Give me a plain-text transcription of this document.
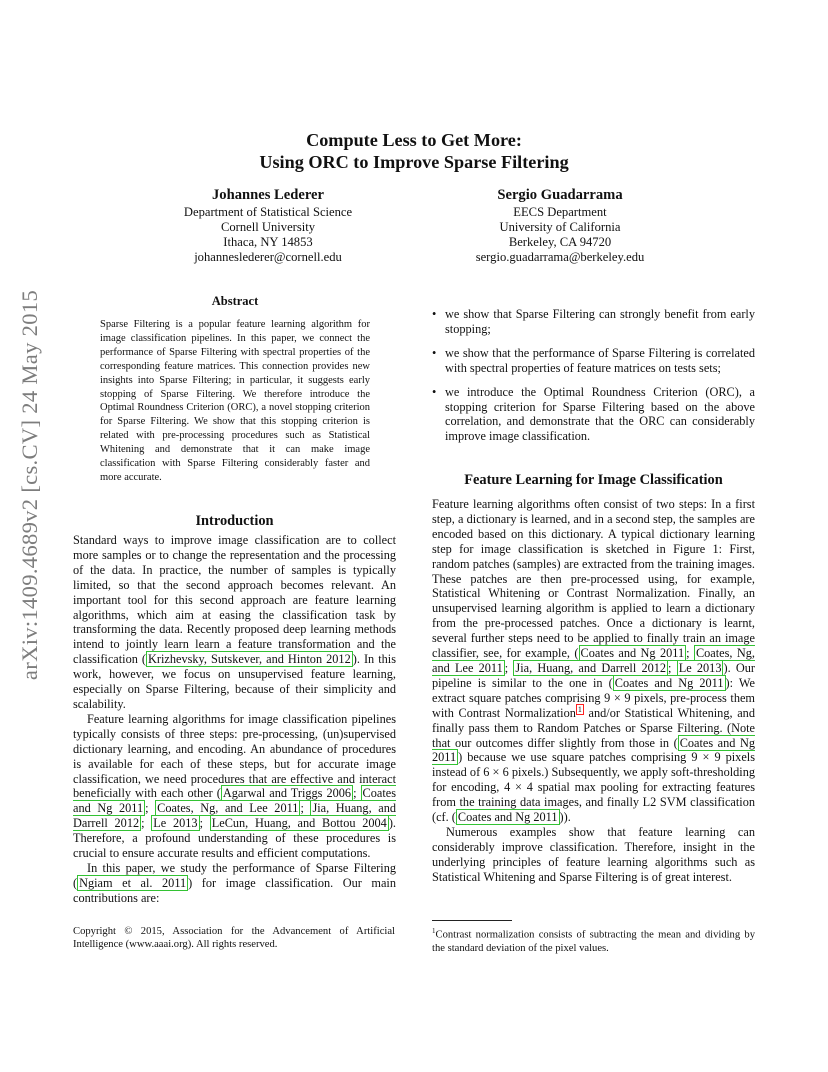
arXiv:1409.4689v2 [cs.CV] 24 May 2015
Compute Less to Get More:
Using ORC to Improve Sparse Filtering
Johannes Lederer
Department of Statistical Science
Cornell University
Ithaca, NY 14853
johanneslederer@cornell.edu
Sergio Guadarrama
EECS Department
University of California
Berkeley, CA 94720
sergio.guadarrama@berkeley.edu
Abstract
Sparse Filtering is a popular feature learning algorithm for image classification pipelines. In this paper, we connect the performance of Sparse Filtering with spectral properties of the corresponding feature matrices. This connection provides new insights into Sparse Filtering; in particular, it suggests early stopping of Sparse Filtering. We therefore introduce the Optimal Roundness Criterion (ORC), a novel stopping criterion for Sparse Filtering. We show that this stopping criterion is related with pre-processing procedures such as Statistical Whitening and demonstrate that it can make image classification with Sparse Filtering considerably faster and more accurate.
Introduction

Standard ways to improve image classification are to collect more samples or to change the representation and the processing of the data. In practice, the number of samples is typically limited, so that the second approach becomes relevant. An important tool for this second approach are feature learning algorithms, which aim at easing the classification task by transforming the data. Recently proposed deep learning methods intend to jointly learn learn a feature transformation and the classification ( Krizhevsky, Sutskever, and Hinton 2012 ). In this work, however, we focus on unsupervised feature learning, especially on Sparse Filtering, because of their simplicity and scalability.

Feature learning algorithms for image classification pipelines typically consists of three steps: pre-processing, (un)supervised dictionary learning, and encoding. An abundance of procedures is available for each of these steps, but for accurate image classification, we need procedures that are effective and interact beneficially with each other ( Agarwal and Triggs 2006 ; Coates and Ng 2011 ; Coates, Ng, and Lee 2011 ; Jia, Huang, and Darrell 2012 ; Le 2013 ; LeCun, Huang, and Bottou 2004 ). Therefore, a profound understanding of these procedures is crucial to ensure accurate results and efficient computations.

In this paper, we study the performance of Sparse Filtering ( Ngiam et al. 2011 ) for image classification. Our main contributions are:

• we show that Sparse Filtering can strongly benefit from early stopping;
• we show that the performance of Sparse Filtering is correlated with spectral properties of feature matrices on tests sets;
• we introduce the Optimal Roundness Criterion (ORC), a stopping criterion for Sparse Filtering based on the above correlation, and demonstrate that the ORC can considerably improve image classification.
Feature Learning for Image Classification

Feature learning algorithms often consist of two steps: In a first step, a dictionary is learned, and in a second step, the samples are encoded based on this dictionary. A typical dictionary learning step for image classification is sketched in Figure 1: First, random patches (samples) are extracted from the training images. These patches are then pre-processed using, for example, Statistical Whitening or Contrast Normalization. Finally, an unsupervised learning algorithm is applied to learn a dictionary from the pre-processed patches. Once a dictionary is learnt, several further steps need to be applied to finally train an image classifier, see, for example, ( Coates and Ng 2011 ; Coates, Ng, and Lee 2011 ; Jia, Huang, and Darrell 2012 ; Le 2013 ). Our pipeline is similar to the one in ( Coates and Ng 2011 ): We extract square patches comprising 9 × 9 pixels, pre-process them with Contrast Normalization $^1$ and/or Statistical Whitening, and finally pass them to Random Patches or Sparse Filtering. (Note that our outcomes differ slightly from those in ( Coates and Ng 2011 ) because we use square patches comprising 9 × 9 pixels instead of 6 × 6 pixels.) Subsequently, we apply soft-thresholding for encoding, 4 × 4 spatial max pooling for extracting features from the training data images, and finally L2 SVM classification (cf. ( Coates and Ng 2011 )).

Numerous examples show that feature learning can considerably improve classification. Therefore, insight in the underlying principles of feature learning algorithms such as Statistical Whitening and Sparse Filtering is of great interest.

Copyright © 2015, Association for the Advancement of Artificial Intelligence (www.aaai.org). All rights reserved.
$^1$Contrast normalization consists of subtracting the mean and dividing by the standard deviation of the pixel values.
